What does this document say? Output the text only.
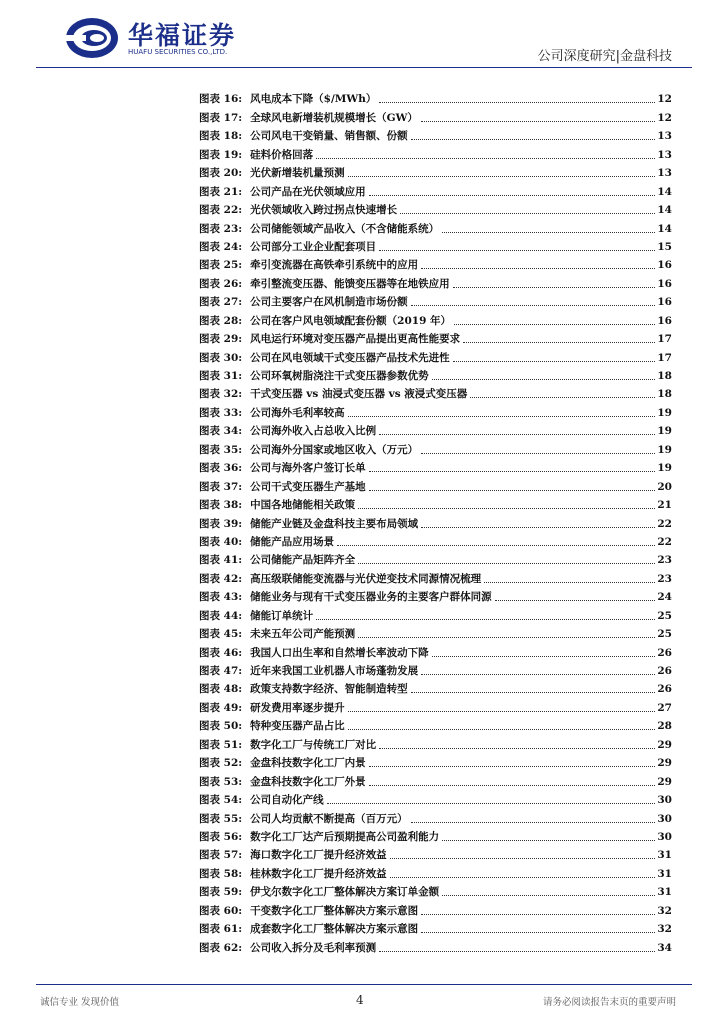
华福证券
HUAFU SECURITIES CO.,LTD.	公司深度研究|金盘科技
图表 16: 风电成本下降（$/MWh）	12
图表 17: 全球风电新增装机规模增长（GW）	12
图表 18: 公司风电干变销量、销售额、份额	13
图表 19: 硅料价格回落	13
图表 20: 光伏新增装机量预测	13
图表 21: 公司产品在光伏领域应用	14
图表 22: 光伏领域收入跨过拐点快速增长	14
图表 23: 公司储能领域产品收入（不含储能系统）	14
图表 24: 公司部分工业企业配套项目	15
图表 25: 牵引变流器在高铁牵引系统中的应用	16
图表 26: 牵引整流变压器、能馈变压器等在地铁应用	16
图表 27: 公司主要客户在风机制造市场份额	16
图表 28: 公司在客户风电领域配套份额（2019 年）	16
图表 29: 风电运行环境对变压器产品提出更高性能要求	17
图表 30: 公司在风电领域干式变压器产品技术先进性	17
图表 31: 公司环氧树脂浇注干式变压器参数优势	18
图表 32: 干式变压器 vs 油浸式变压器 vs 液浸式变压器	18
图表 33: 公司海外毛利率较高	19
图表 34: 公司海外收入占总收入比例	19
图表 35: 公司海外分国家或地区收入（万元）	19
图表 36: 公司与海外客户签订长单	19
图表 37: 公司干式变压器生产基地	20
图表 38: 中国各地储能相关政策	21
图表 39: 储能产业链及金盘科技主要布局领域	22
图表 40: 储能产品应用场景	22
图表 41: 公司储能产品矩阵齐全	23
图表 42: 高压级联储能变流器与光伏逆变技术同源情况梳理	23
图表 43: 储能业务与现有干式变压器业务的主要客户群体同源	24
图表 44: 储能订单统计	25
图表 45: 未来五年公司产能预测	25
图表 46: 我国人口出生率和自然增长率波动下降	26
图表 47: 近年来我国工业机器人市场蓬勃发展	26
图表 48: 政策支持数字经济、智能制造转型	26
图表 49: 研发费用率逐步提升	27
图表 50: 特种变压器产品占比	28
图表 51: 数字化工厂与传统工厂对比	29
图表 52: 金盘科技数字化工厂内景	29
图表 53: 金盘科技数字化工厂外景	29
图表 54: 公司自动化产线	30
图表 55: 公司人均贡献不断提高（百万元）	30
图表 56: 数字化工厂达产后预期提高公司盈利能力	30
图表 57: 海口数字化工厂提升经济效益	31
图表 58: 桂林数字化工厂提升经济效益	31
图表 59: 伊戈尔数字化工厂整体解决方案订单金额	31
图表 60: 干变数字化工厂整体解决方案示意图	32
图表 61: 成套数字化工厂整体解决方案示意图	32
图表 62: 公司收入拆分及毛利率预测	34
诚信专业 发现价值	4	请务必阅读报告末页的重要声明
